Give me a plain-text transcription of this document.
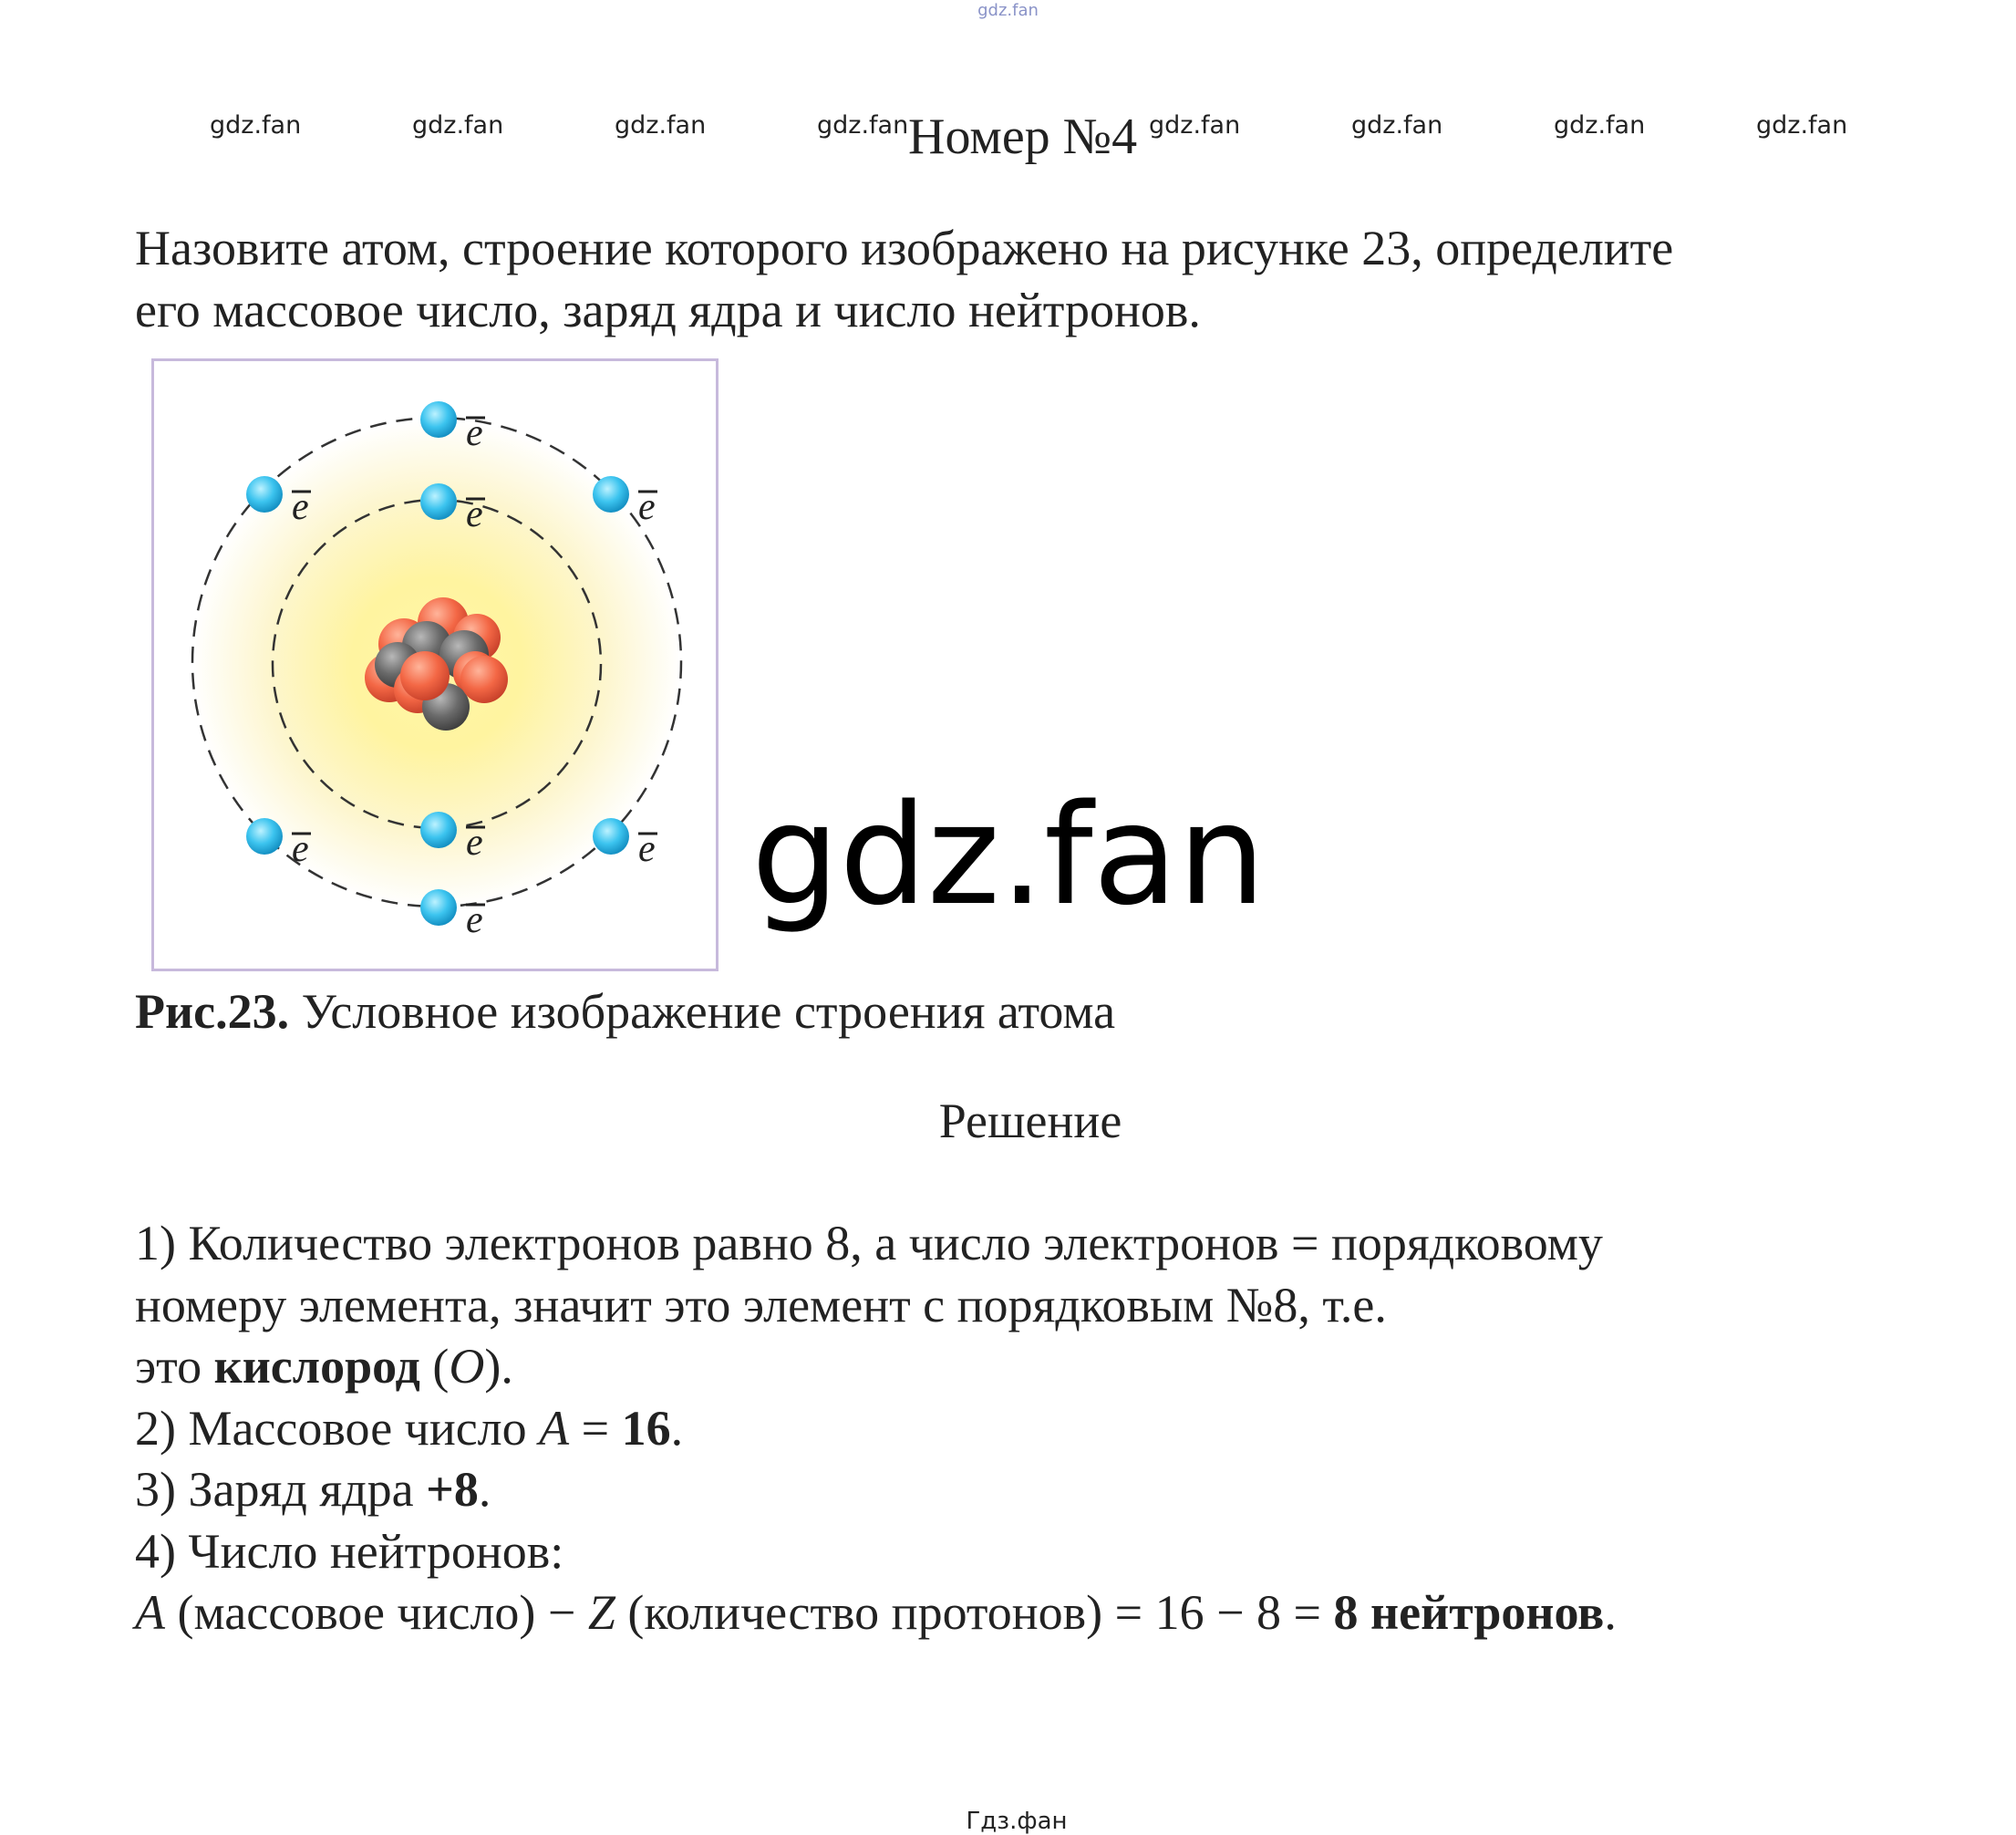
gdz.fan
gdz.fan	gdz.fan	gdz.fan	gdz.fan	gdz.fan	gdz.fan	gdz.fan	gdz.fan
Номер №4
Назовите атом, строение которого изображено на рисунке 23, определите
его массовое число, заряд ядра и число нейтронов.
e
e	e	e
e	e	e
e gdz.fan
Рис.23. Условное изображение строения атома
Решение
1) Количество электронов равно 8, а число электронов = порядковому
номеру элемента, значит это элемент с порядковым №8, т.е.
это кислород (O).
2) Массовое число A = 16.
3) Заряд ядра +8.
4) Число нейтронов:
A (массовое число) − Z (количество протонов) = 16 − 8 = 8 нейтронов.
Гдз.фан
